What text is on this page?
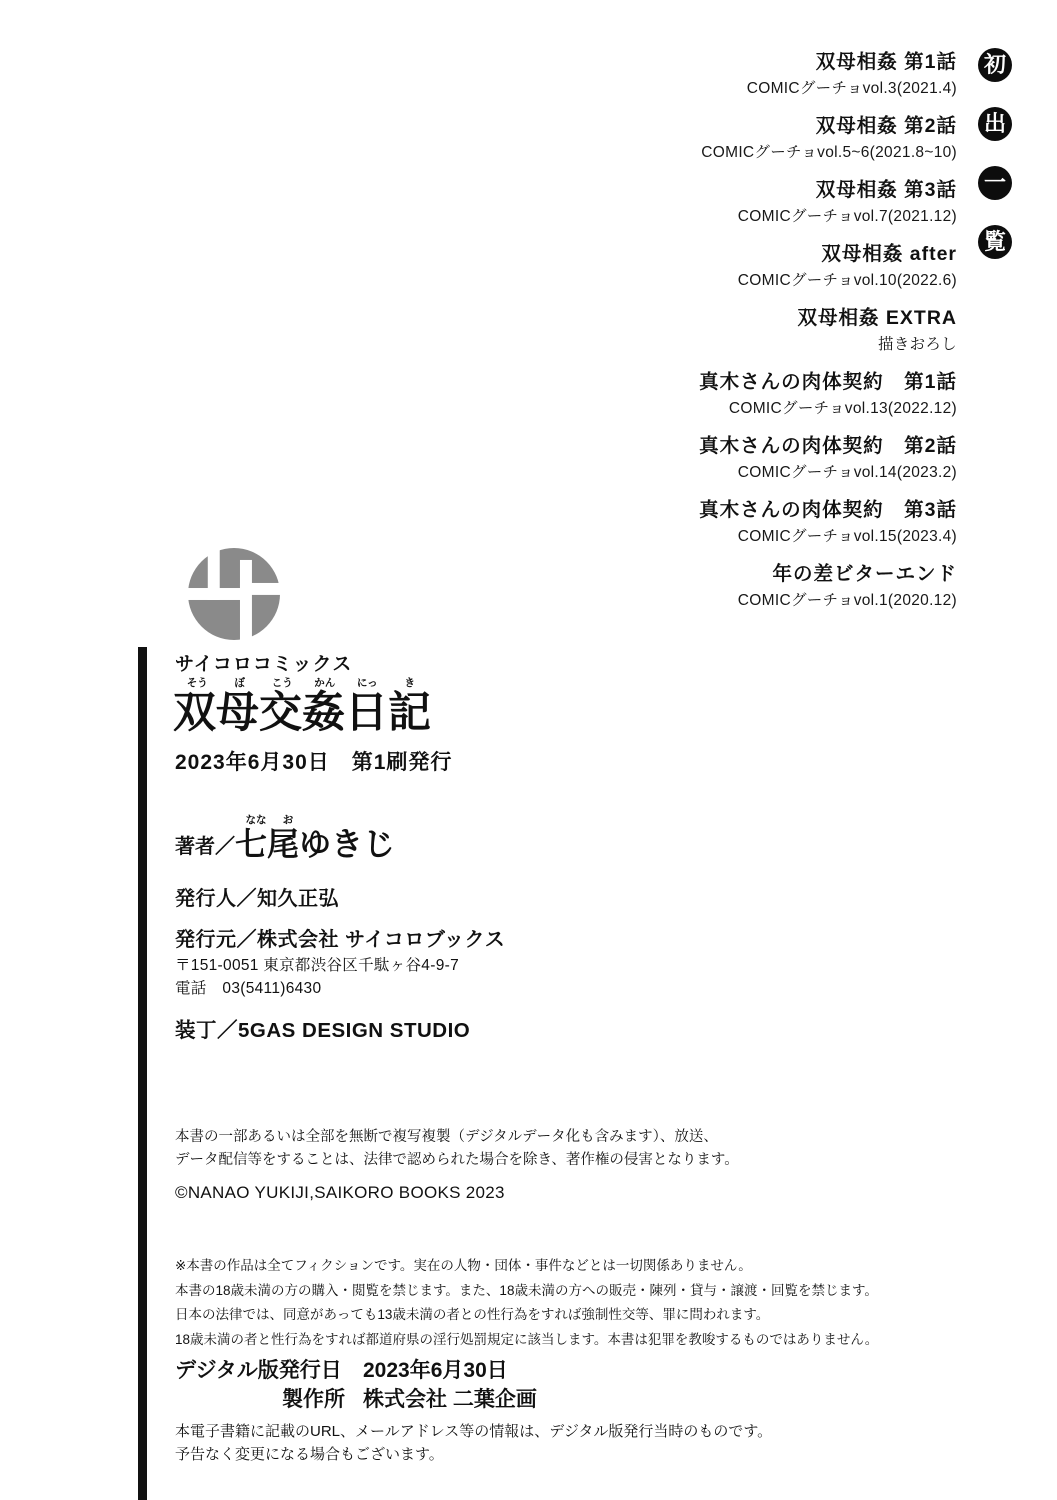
双母相姦 第1話
COMICグーチョvol.3(2021.4)
双母相姦 第2話
COMICグーチョvol.5~6(2021.8~10)
双母相姦 第3話
COMICグーチョvol.7(2021.12)
双母相姦 after
COMICグーチョvol.10(2022.6)
双母相姦 EXTRA
描きおろし
真木さんの肉体契約　第1話
COMICグーチョvol.13(2022.12)
真木さんの肉体契約　第2話
COMICグーチョvol.14(2023.2)
真木さんの肉体契約　第3話
COMICグーチョvol.15(2023.4)
年の差ビターエンド
COMICグーチョvol.1(2020.12)
初
出
一
覧
サイコロコミックス
そう	ぼ	こう	かん	にっ	き
双母交姦日記
2023年6月30日　第1刷発行
なな	お
著者／ 七尾ゆきじ
発行人／知久正弘
発行元／株式会社 サイコロブックス
〒151-0051 東京都渋谷区千駄ヶ谷4-9-7
電話　03(5411)6430
装丁／5GAS DESIGN STUDIO
本書の一部あるいは全部を無断で複写複製（デジタルデータ化も含みます）、放送、
データ配信等をすることは、法律で認められた場合を除き、著作権の侵害となります。
©NANAO YUKIJI,SAIKORO BOOKS 2023
※本書の作品は全てフィクションです。実在の人物・団体・事件などとは一切関係ありません。
本書の18歳未満の方の購入・閲覧を禁じます。また、18歳未満の方への販売・陳列・貸与・譲渡・回覧を禁じます。
日本の法律では、同意があっても13歳未満の者との性行為をすれば強制性交等、罪に問われます。
18歳未満の者と性行為をすれば都道府県の淫行処罰規定に該当します。本書は犯罪を教唆するものではありません。
デジタル版発行日 2023年6月30日
製作所 株式会社 二葉企画
本電子書籍に記載のURL、メールアドレス等の情報は、デジタル版発行当時のものです。
予告なく変更になる場合もございます。
